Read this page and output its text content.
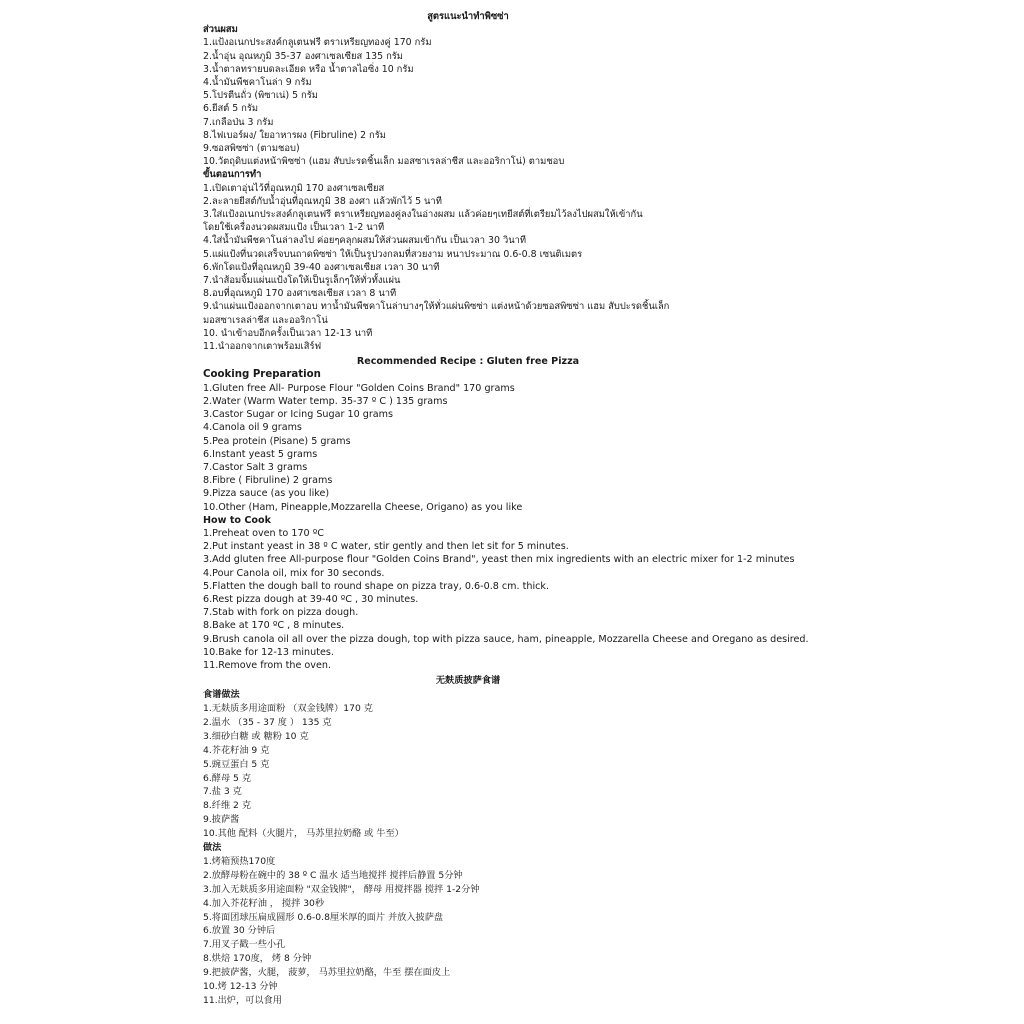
สูตรแนะนำทำพิซซ่า
ส่วนผสม
1.แป้งอเนกประสงค์กลูเตนฟรี ตราเหรียญทองคู่ 170 กรัม
2.น้ำอุ่น อุณหภูมิ 35-37 องศาเซลเซียส 135 กรัม
3.น้ำตาลทรายบดละเอียด หรือ น้ำตาลไอซิ่ง 10 กรัม
4.น้ำมันพืชคาโนล่า 9 กรัม
5.โปรตีนถั่ว (พิซาเน่) 5 กรัม
6.ยีสต์ 5 กรัม
7.เกลือป่น 3 กรัม
8.ไฟเบอร์ผง/ ใยอาหารผง (Fibruline) 2 กรัม
9.ซอสพิซซ่า (ตามชอบ)
10.วัตถุดิบแต่งหน้าพิซซ่า (แฮม สับปะรดชิ้นเล็ก มอสซาเรลล่าชีส และออริกาโน่) ตามชอบ
ขั้นตอนการทำ
1.เปิดเตาอุ่นไว้ที่อุณหภูมิ 170 องศาเซลเซียส
2.ละลายยีสต์กับน้ำอุ่นที่อุณหภูมิ 38 องศา แล้วพักไว้ 5 นาที
3.ใส่แป้งอเนกประสงค์กลูเตนฟรี ตราเหรียญทองคู่ลงในอ่างผสม แล้วค่อยๆเทยีสต์ที่เตรียมไว้ลงไปผสมให้เข้ากัน
โดยใช้เครื่องนวดผสมแป้ง เป็นเวลา 1-2 นาที
4.ใส่น้ำมันพืชคาโนล่าลงไป ค่อยๆคลุกผสมให้ส่วนผสมเข้ากัน เป็นเวลา 30 วินาที
5.แผ่แป้งที่นวดเสร็จบนถาดพิซซ่า ให้เป็นรูปวงกลมที่สวยงาม หนาประมาณ 0.6-0.8 เซนติเมตร
6.พักโดแป้งที่อุณหภูมิ 39-40 องศาเซลเซียส เวลา 30 นาที
7.นำส้อมจิ้มแผ่นแป้งโดให้เป็นรูเล็กๆให้ทั่วทั้งแผ่น
8.อบที่อุณหภูมิ 170 องศาเซลเซียส เวลา 8 นาที
9.นำแผ่นแป้งออกจากเตาอบ ทาน้ำมันพืชคาโนล่าบางๆให้ทั่วแผ่นพิซซ่า แต่งหน้าด้วยซอสพิซซ่า แฮม สับปะรดชิ้นเล็ก
มอสซาเรลล่าชีส และออริกาโน่
10. นำเข้าอบอีกครั้งเป็นเวลา 12-13 นาที
11.นำออกจากเตาพร้อมเสิร์ฟ
Recommended Recipe : Gluten free Pizza
Cooking Preparation
1.Gluten free All- Purpose Flour "Golden Coins Brand" 170 grams
2.Water (Warm Water temp. 35-37 º C ) 135 grams
3.Castor Sugar or Icing Sugar 10 grams
4.Canola oil 9 grams
5.Pea protein (Pisane) 5 grams
6.Instant yeast 5 grams
7.Castor Salt 3 grams
8.Fibre ( Fibruline) 2 grams
9.Pizza sauce (as you like)
10.Other (Ham, Pineapple,Mozzarella Cheese, Origano) as you like
How to Cook
1.Preheat oven to 170 ºC
2.Put instant yeast in 38 º C water, stir gently and then let sit for 5 minutes.
3.Add gluten free All-purpose flour "Golden Coins Brand", yeast then mix ingredients with an electric mixer for 1-2 minutes
4.Pour Canola oil, mix for 30 seconds.
5.Flatten the dough ball to round shape on pizza tray, 0.6-0.8 cm. thick.
6.Rest pizza dough at 39-40 ºC , 30 minutes.
7.Stab with fork on pizza dough.
8.Bake at 170 ºC , 8 minutes.
9.Brush canola oil all over the pizza dough, top with pizza sauce, ham, pineapple, Mozzarella Cheese and Oregano as desired.
10.Bake for 12-13 minutes.
11.Remove from the oven.
无麸质披萨食谱
食谱做法
1.无麸质多用途面粉 （双金钱牌）170 克
2.温水 （35 - 37 度 ） 135 克
3.细砂白糖 或 糖粉 10 克
4.芥花籽油 9 克
5.豌豆蛋白 5 克
6.酵母 5 克
7.盐 3 克
8.纤维 2 克
9.披萨酱
10.其他 配料（火腿片， 马苏里拉奶酪 或 牛至）
做法
1.烤箱预热170度
2.放酵母粉在碗中的 38 º C 温水 适当地搅拌 搅拌后静置 5分钟
3.加入无麸质多用途面粉 "双金钱牌"， 酵母 用搅拌器 搅拌 1-2分钟
4.加入芥花籽油 ， 搅拌 30秒
5.将面团球压扁成圆形 0.6-0.8厘米厚的面片 并放入披萨盘
6.放置 30 分钟后
7.用叉子戳一些小孔
8.烘焙 170度， 烤 8 分钟
9.把披萨酱，火腿， 菠萝， 马苏里拉奶酪，牛至 摆在面皮上
10.烤 12-13 分钟
11.出炉，可以食用
